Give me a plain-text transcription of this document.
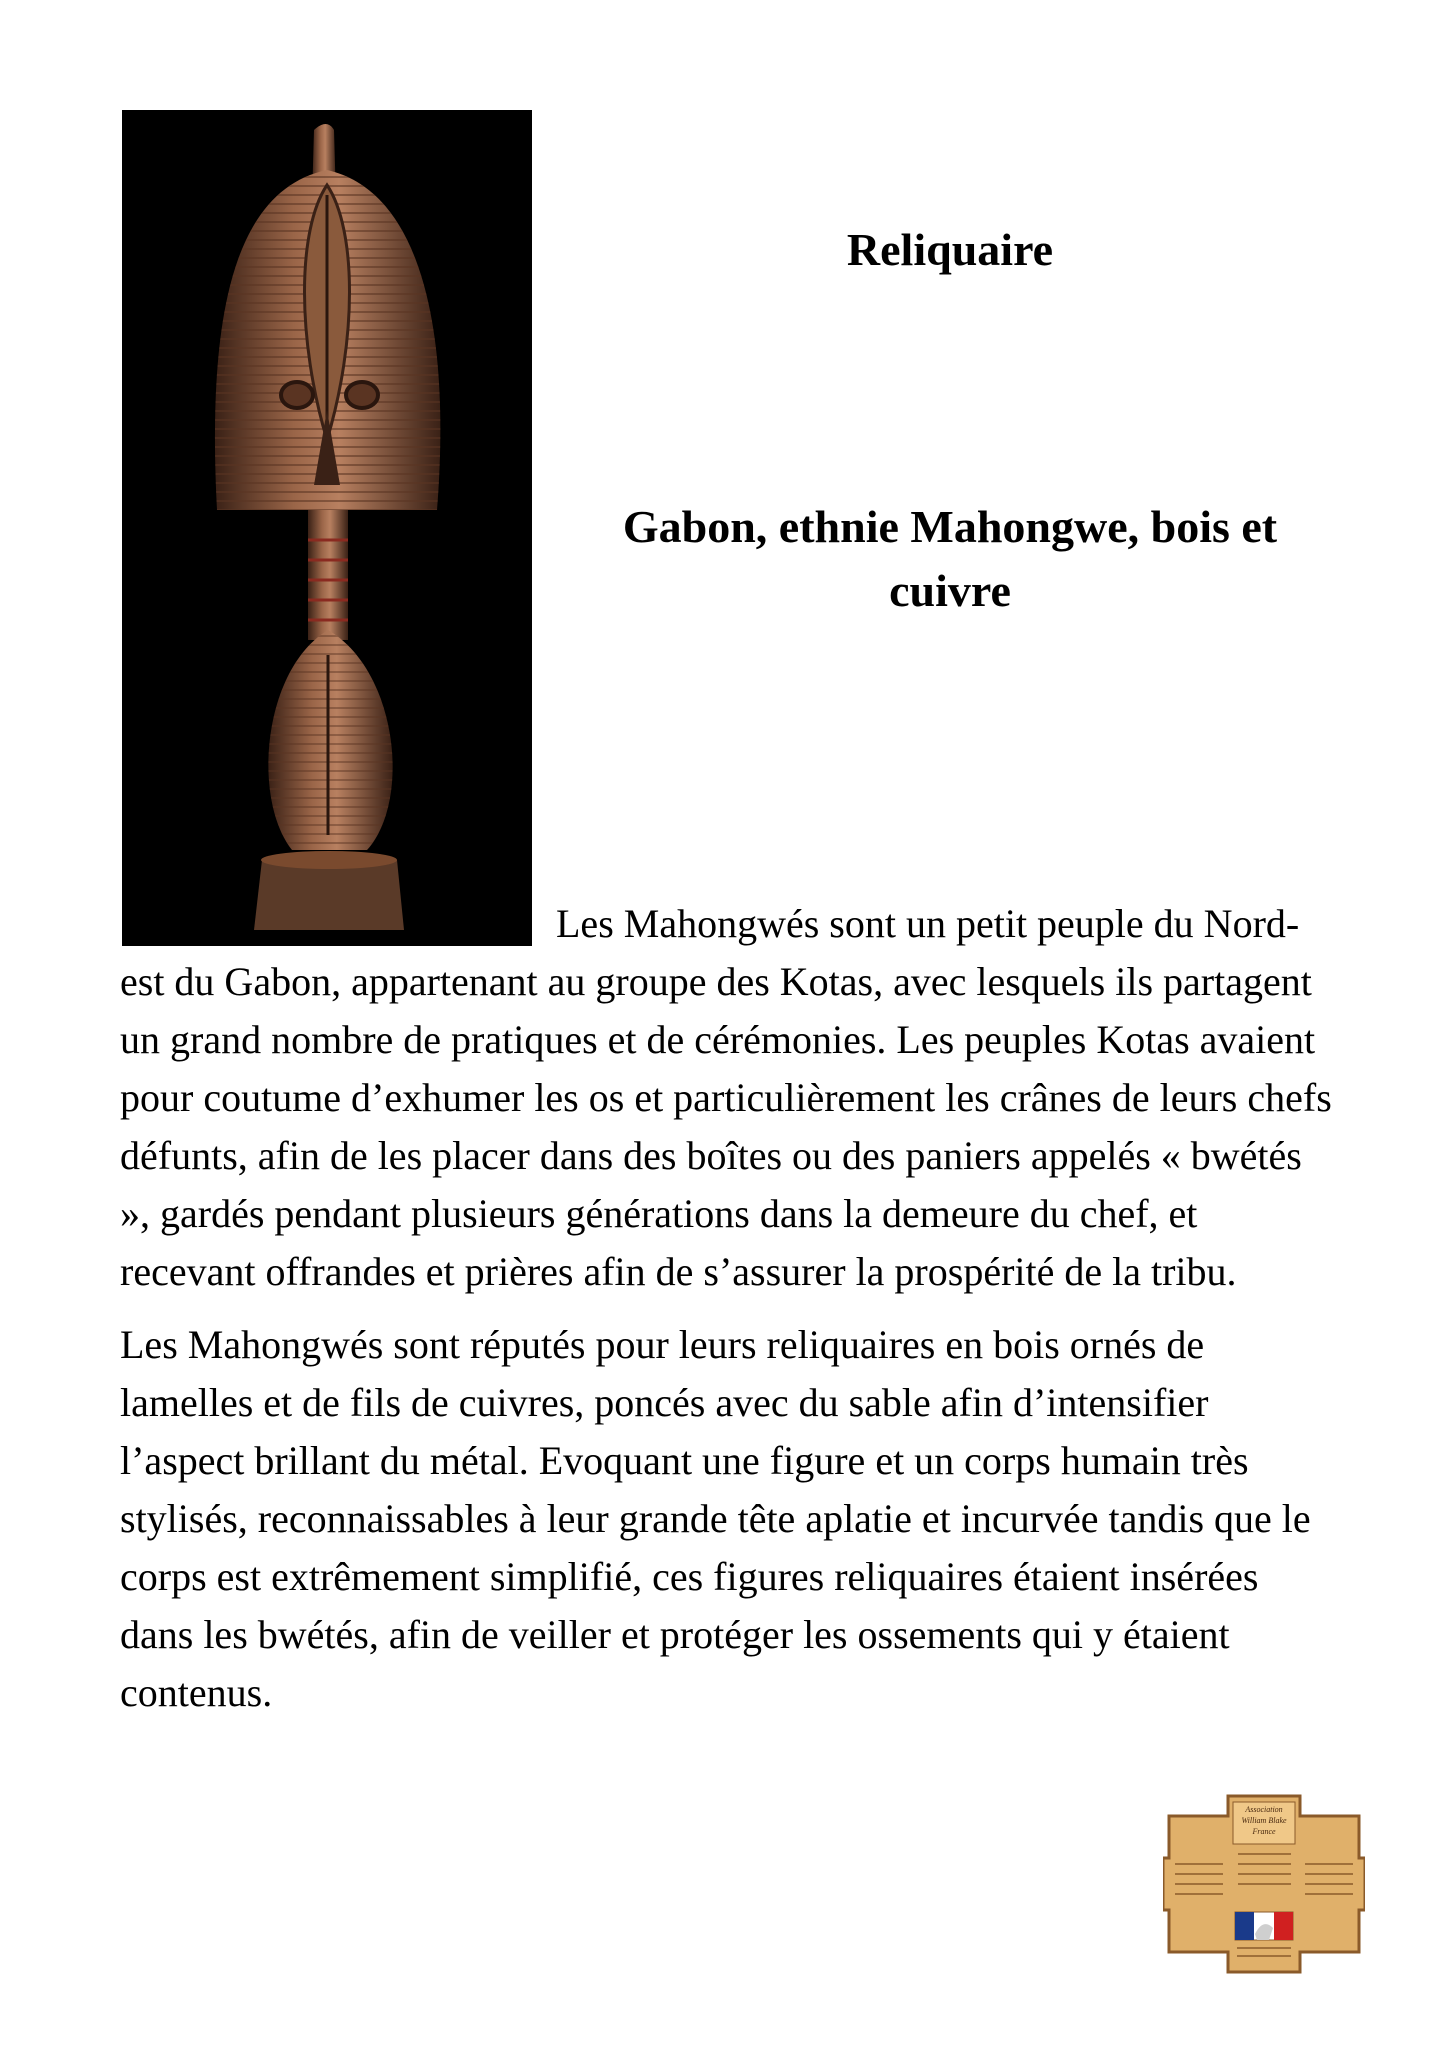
Reliquaire
Gabon, ethnie Mahongwe, bois et cuivre

Les Mahongwés sont un petit peuple du Nord-est du Gabon, appartenant au groupe des Kotas, avec lesquels ils partagent un grand nombre de pratiques et de cérémonies. Les peuples Kotas avaient pour coutume d’exhumer les os et particulièrement les crânes de leurs chefs défunts, afin de les placer dans des boîtes ou des paniers appelés « bwétés », gardés pendant plusieurs générations dans la demeure du chef, et recevant offrandes et prières afin de s’assurer la prospérité de la tribu.

Les Mahongwés sont réputés pour leurs reliquaires en bois ornés de lamelles et de fils de cuivres, poncés avec du sable afin d’intensifier l’aspect brillant du métal. Evoquant une figure et un corps humain très stylisés, reconnaissables à leur grande tête aplatie et incurvée tandis que le corps est extrêmement simplifié, ces figures reliquaires étaient insérées dans les bwétés, afin de veiller et protéger les ossements qui y étaient contenus.

Association
William Blake
France
